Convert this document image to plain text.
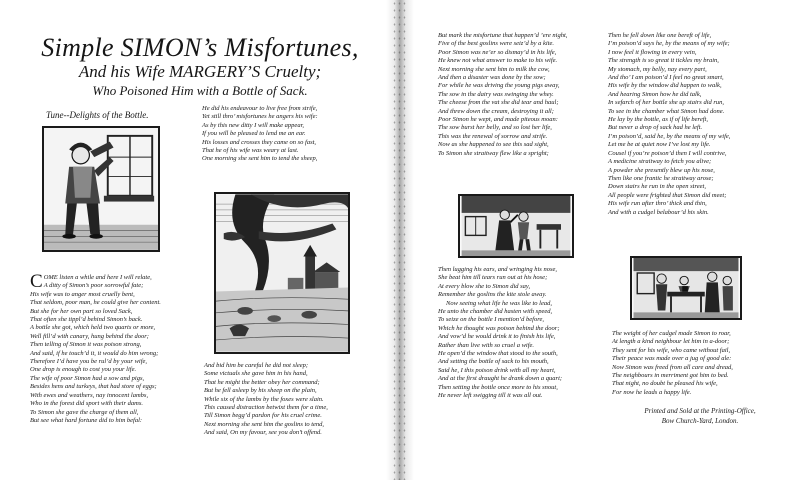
Simple SIMON’s Misfortunes,
And his Wife MARGERY’S Cruelty;
Who Poisoned Him with a Bottle of Sack.
Tune--Delights of the Bottle.
COME listen a while and here I will relate,
A ditty of Simon’s poor sorrowful fate;
His wife was to anger most cruelly bent,
That seldom, poor man, he could give her content.
But she for her own part so loved Sack,
That often she tippl’d behind Simon’s back.
A bottle she got, which held two quarts or more,
Well fill’d with canary, hung behind the door;
Then telling of Simon it was poison strong,
And said, if he touch’d it, it would do him wrong;
Therefore I’d have you be rul’d by your wife,
One drop is enough to cost you your life.
The wife of poor Simon had a sow and pigs,
Besides hens and turkeys, that had store of eggs;
With ewes and weathers, nay innocent lambs,
Who in the forest did sport with their dams.
To Simon she gave the charge of them all,
But see what hard fortune did to him befal:
He did his endeavour to live free from strife,
Yet still thro’ misfortunes he angers his wife:
As by this new ditty I will make appear,
If you will be pleased to lend me an ear.
His losses and crosses they came on so fast,
That he of his wife was weary at last.
One morning she sent him to tend the sheep,
And bid him be careful he did not sleep;
Some victuals she gave him in his hand,
That he might the better obey her command;
But he fell asleep by his sheep on the plain,
While six of the lambs by the foxes were slain.
This caused distraction betwixt them for a time,
Till Simon begg’d pardon for his cruel crime.
Next morning she sent him the goslins to tend,
And said, On my favour, see you don’t offend.
But mark the misfortune that happen’d ’ere night,
Five of the best goslins were seiz’d by a kite.
Poor Simon was ne’er so dismay’d in his life,
He knew not what answer to make to his wife.
Next morning she sent him to milk the cow,
And then a disaster was done by the sow;
For while he was driving the young pigs away,
The sow in the dairy was swinging the whey.
The cheese from the vat she did tear and haul;
And threw down the cream, destroying it all;
Poor Simon he wept, and made piteous moan:
The sow burst her belly, and so lost her life,
This was the renewal of sorrow and strife.
Now as she happened to see this sad sight,
To Simon she straitway flew like a spright;
Then lugging his ears, and wringing his nose,
She beat him till tears run out at his hose;
At every blow she to Simon did say,
Remember the goslins the kite stole away.
Now seeing what life he was like to lead,
He unto the chamber did hasten with speed,
To seize on the bottle I mention’d before,
Which he thought was poison behind the door;
And vow’d he would drink it to finish his life,
Rather than live with so cruel a wife.
He open’d the window that stood to the south,
And setting the bottle of sack to his mouth,
Said he, I this poison drink with all my heart,
And at the first draught he drank down a quart;
Then setting the bottle once more to his snout,
He never left swigging till it was all out.
Then he fell down like one bereft of life,
I’m poison’d says he, by the means of my wife;
I now feel it flowing in every vein,
The strength is so great it tickles my brain,
My stomach, my belly, nay every part,
And tho’ I am poison’d I feel no great smart,
His wife by the window did happen to walk,
And hearing Simon how he did talk,
In sefarch of her bottle she up stairs did run,
To see in the chamber what Simon had done.
He lay by the bottle, as if of life bereft,
But never a drop of sack had he left.
I’m poison’d, said he, by the means of my wife,
Let me be at quiet now I’ve lost my life.
Cousel if you’re poison’d then I will contrive,
A medicine straitway to fetch you alive;
A powder she presently blew up his nose,
Then like one frantic he straitway arose;
Down stairs he run in the open street,
All people were frighted that Simon did meet;
His wife run after thro’ thick and thin,
And with a cudgel belabour’d his skin.
The weight of her cudgel made Simon to roar,
At length a kind neighbour let him in a-door;
They sent for his wife, who came without fail,
Their peace was made over a jug of good ale:
Now Simon was freed from all care and dread,
The neighbours in merriment got him to bed.
That night, no doubt he pleased his wife,
For now he leads a happy life.
Printed and Sold at the Printing-Office,
Bow Church-Yard, London.
